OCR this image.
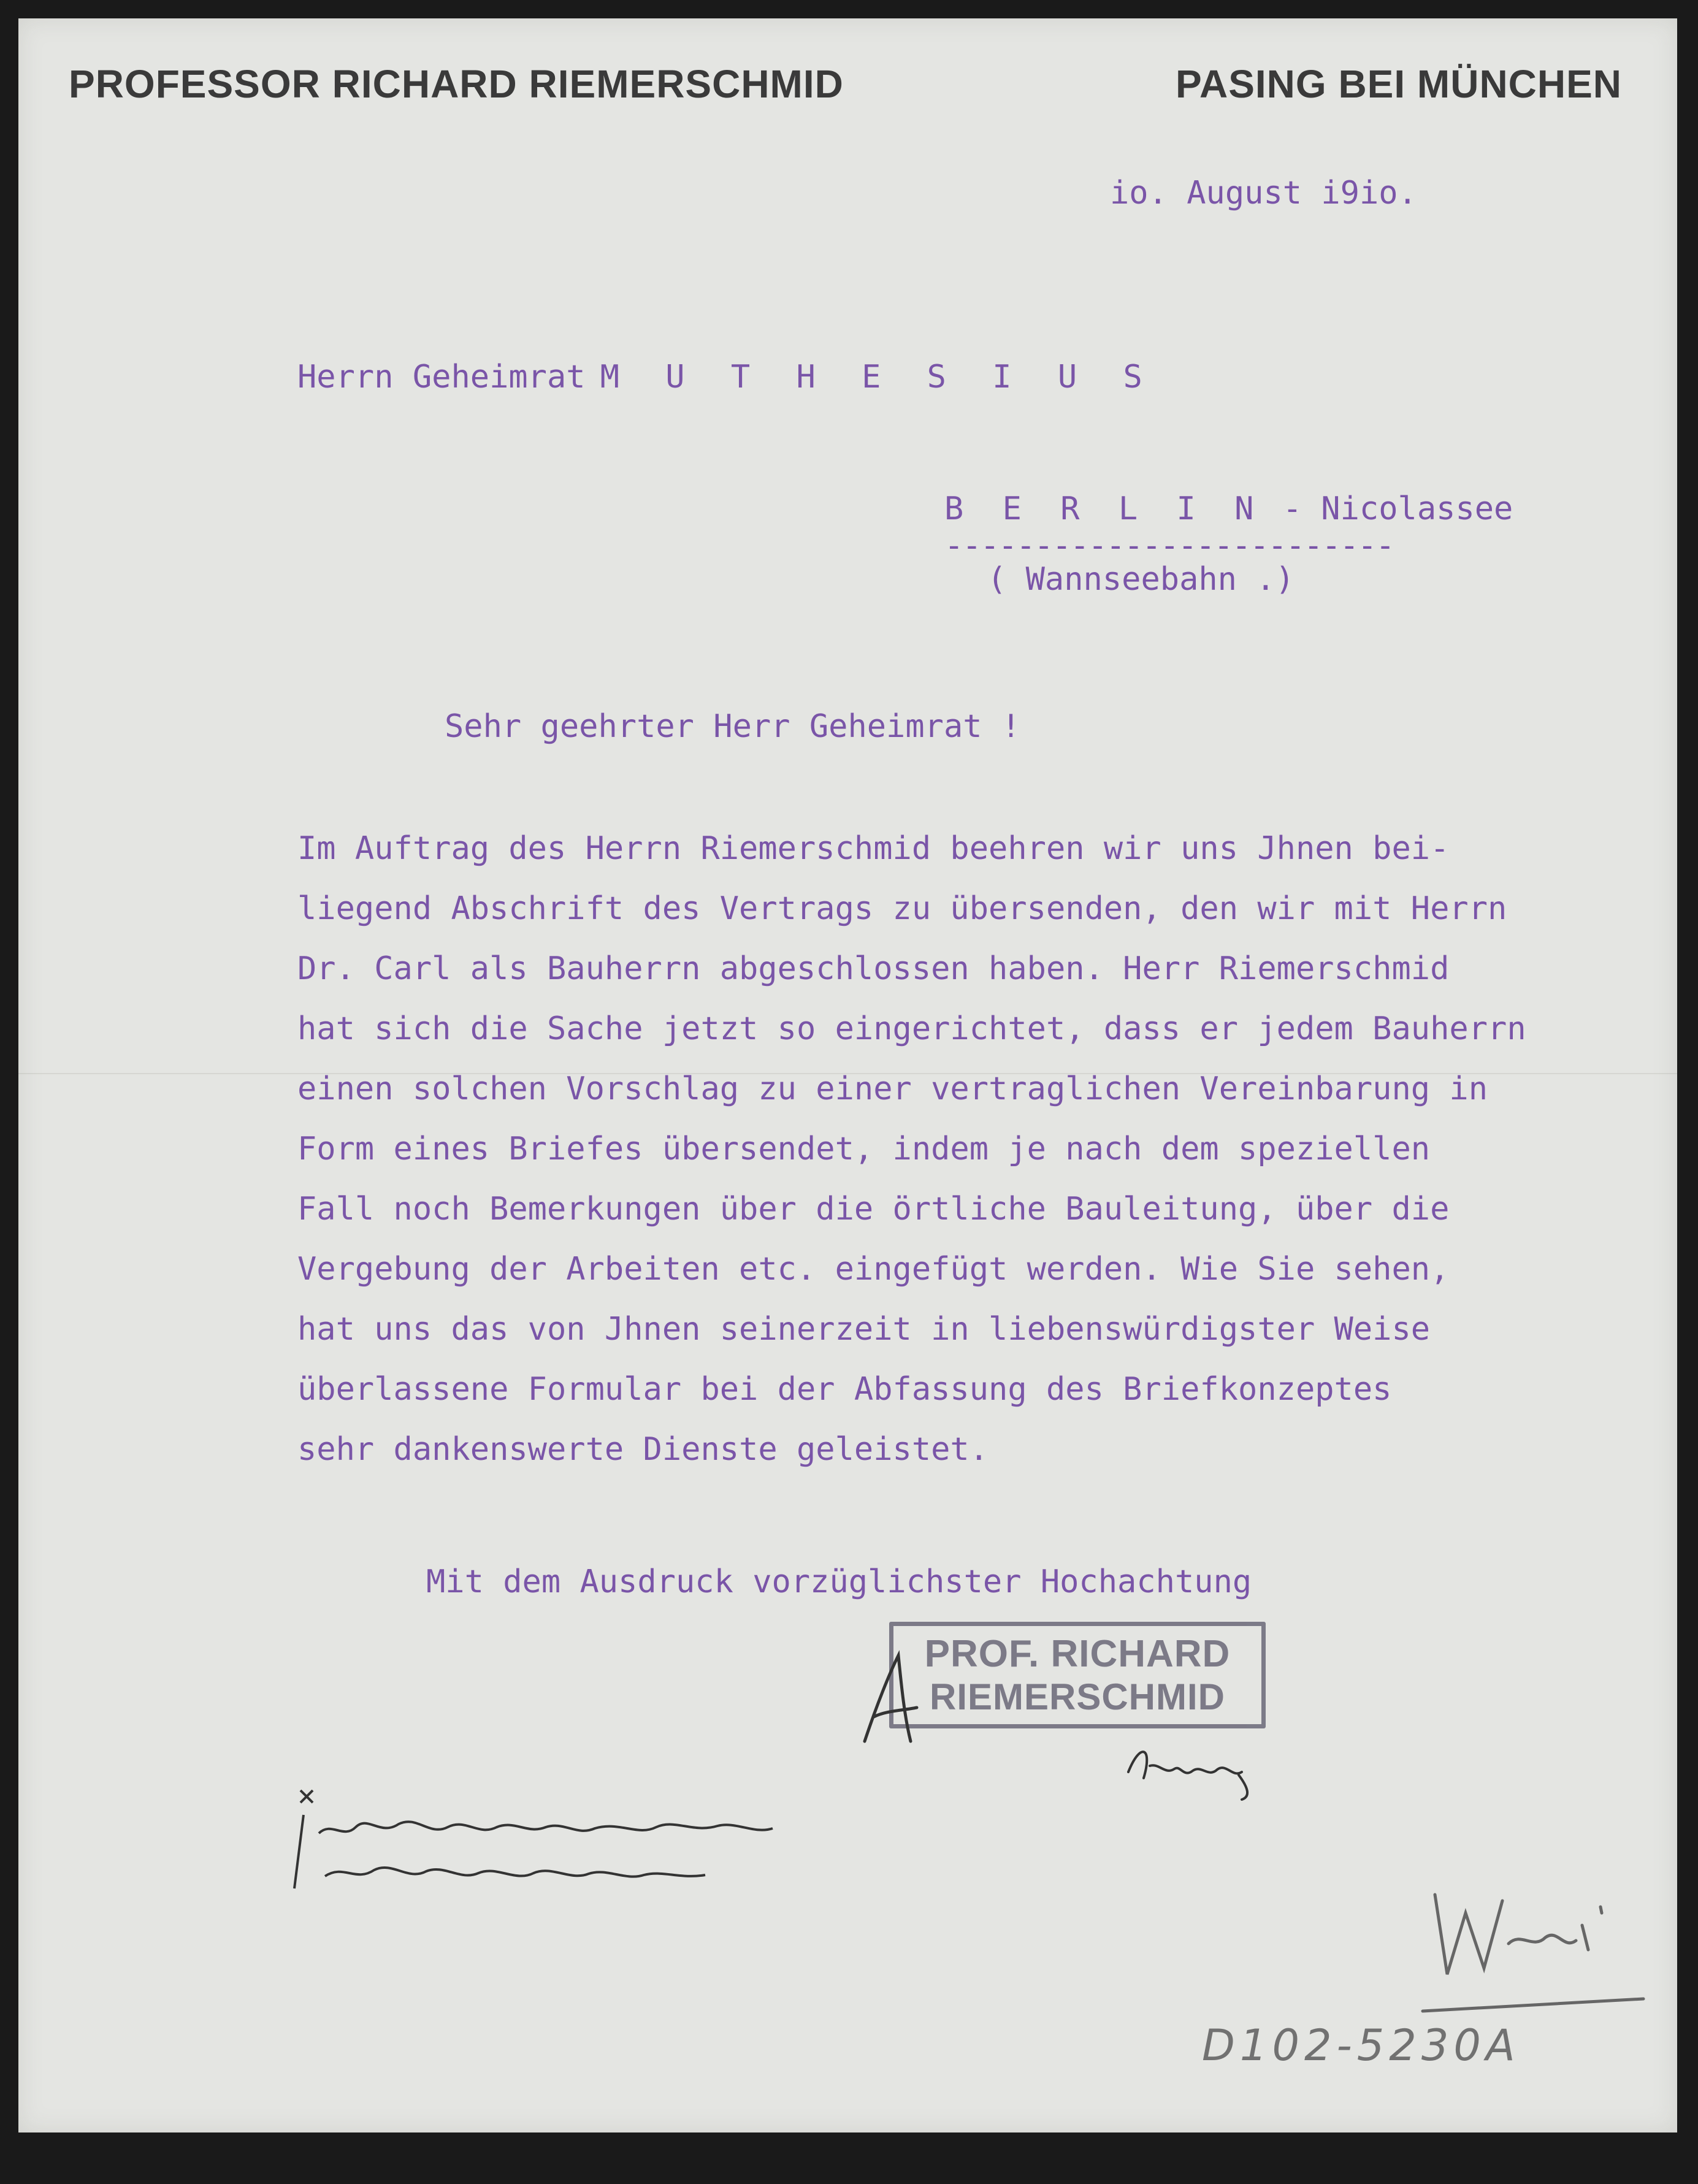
PROFESSOR RICHARD RIEMERSCHMID	PASING BEI MÜNCHEN
io. August i9io.
Herrn Geheimrat M U T H E S I U S
B E R L I N - Nicolassee
-------------------------
( Wannseebahn .)
Sehr geehrter Herr Geheimrat !
Im Auftrag des Herrn Riemerschmid beehren wir uns Jhnen bei-
liegend Abschrift des Vertrags zu übersenden, den wir mit Herrn
Dr. Carl als Bauherrn abgeschlossen haben. Herr Riemerschmid
hat sich die Sache jetzt so eingerichtet, dass er jedem Bauherrn
einen solchen Vorschlag zu einer vertraglichen Vereinbarung in
Form eines Briefes übersendet, indem je nach dem speziellen
Fall noch Bemerkungen über die örtliche Bauleitung, über die
Vergebung der Arbeiten etc. eingefügt werden. Wie Sie sehen,
hat uns das von Jhnen seinerzeit in liebenswürdigster Weise
überlassene Formular bei der Abfassung des Briefkonzeptes
sehr dankenswerte Dienste geleistet.
Mit dem Ausdruck vorzüglichster Hochachtung
PROF. RICHARD
RIEMERSCHMID
D102-5230A
